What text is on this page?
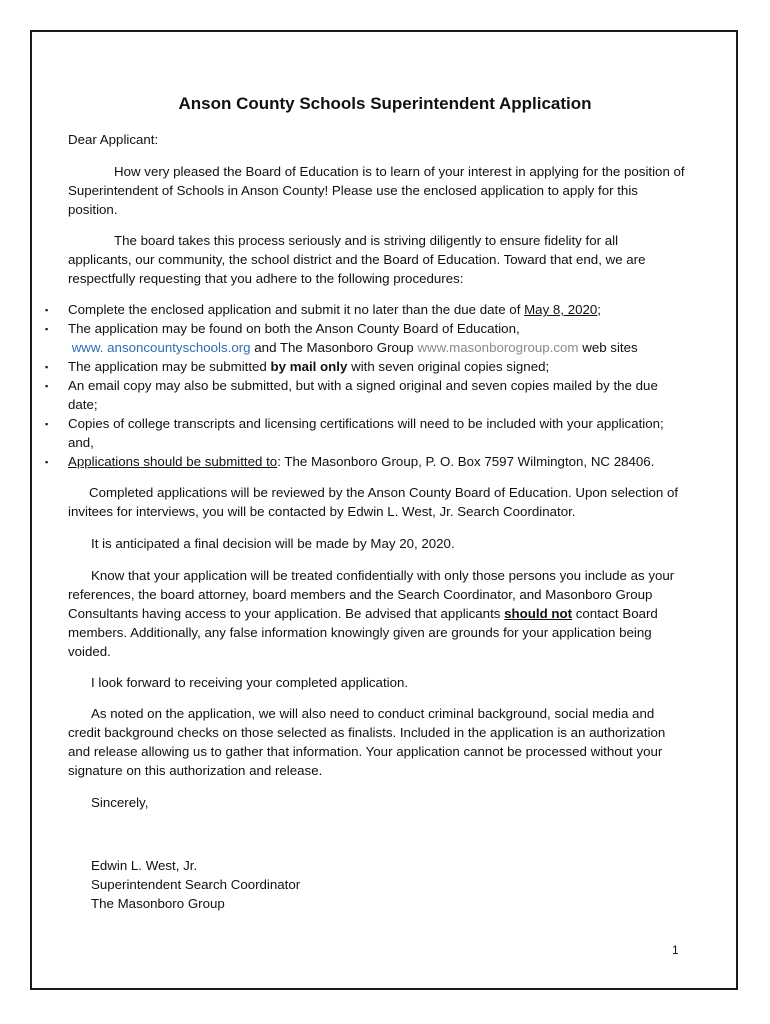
Anson County Schools Superintendent Application

Dear Applicant:

How very pleased the Board of Education is to learn of your interest in applying for the position of

Superintendent of Schools in Anson County! Please use the enclosed application to apply for this

position.

The board takes this process seriously and is striving diligently to ensure fidelity for all

applicants, our community, the school district and the Board of Education. Toward that end, we are

respectfully requesting that you adhere to the following procedures:

▪ Complete the enclosed application and submit it no later than the due date of May 8, 2020;

▪ The application may be found on both the Anson County Board of Education,

www. ansoncountyschools.org and The Masonboro Group www.masonborogroup.com web sites

▪ The application may be submitted by mail only with seven original copies signed;

▪ An email copy may also be submitted, but with a signed original and seven copies mailed by the due

date;

▪ Copies of college transcripts and licensing certifications will need to be included with your application;

and,

▪ Applications should be submitted to: The Masonboro Group, P. O. Box 7597 Wilmington, NC 28406.

Completed applications will be reviewed by the Anson County Board of Education. Upon selection of

invitees for interviews, you will be contacted by Edwin L. West, Jr. Search Coordinator.

It is anticipated a final decision will be made by May 20, 2020.

Know that your application will be treated confidentially with only those persons you include as your

references, the board attorney, board members and the Search Coordinator, and Masonboro Group

Consultants having access to your application. Be advised that applicants should not contact Board

members. Additionally, any false information knowingly given are grounds for your application being

voided.

I look forward to receiving your completed application.

As noted on the application, we will also need to conduct criminal background, social media and

credit background checks on those selected as finalists. Included in the application is an authorization

and release allowing us to gather that information. Your application cannot be processed without your

signature on this authorization and release.

Sincerely,

Edwin L. West, Jr.

Superintendent Search Coordinator

The Masonboro Group

1
